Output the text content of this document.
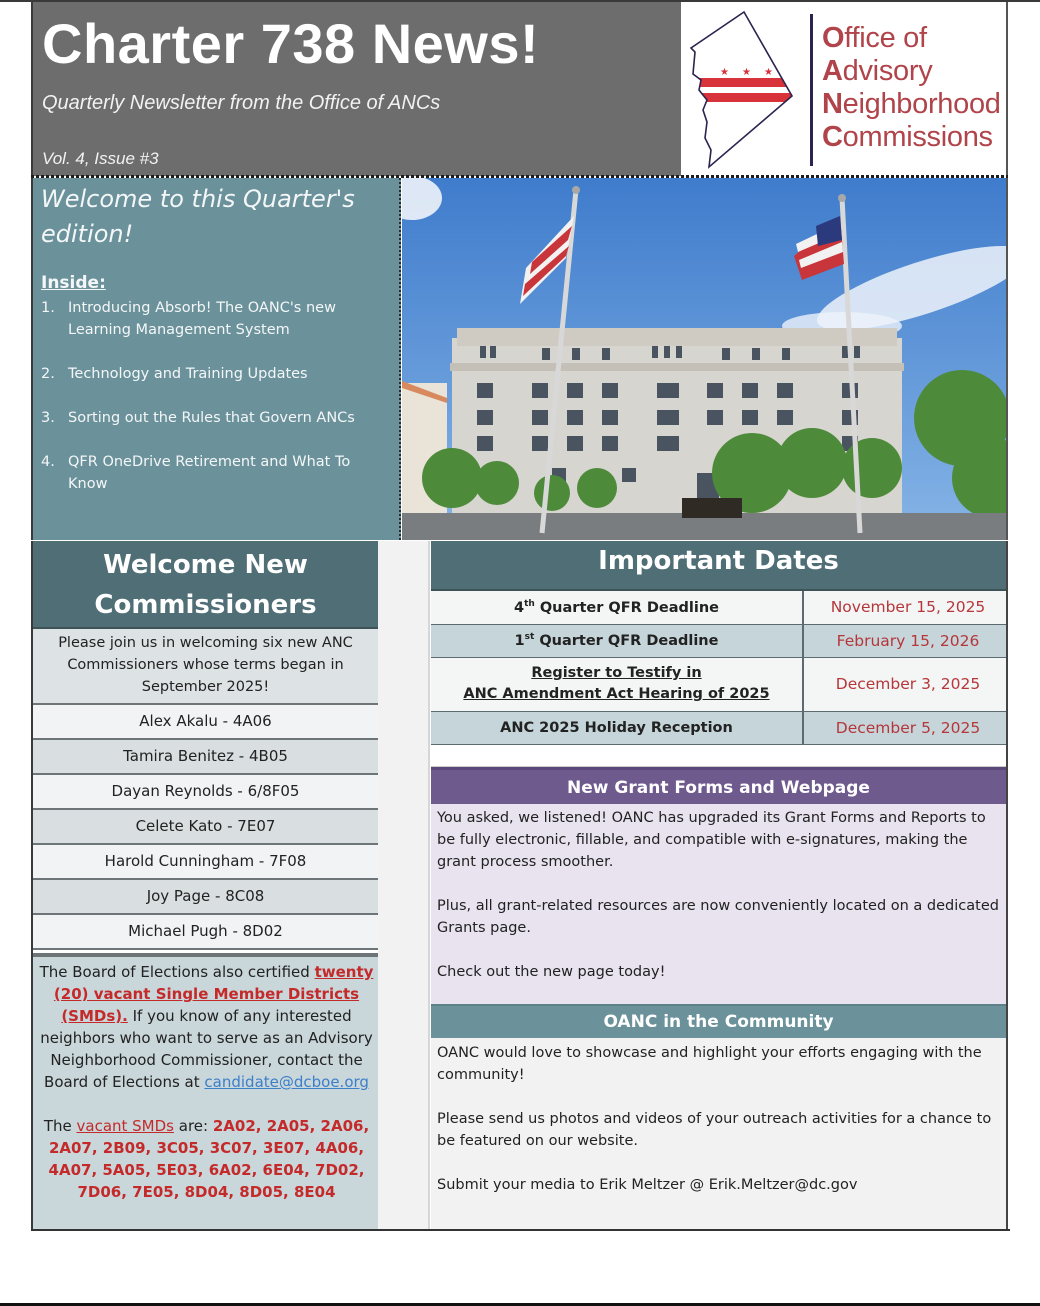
Charter 738 News!
Quarterly Newsletter from the Office of ANCs
Vol. 4, Issue #3
★ ★ ★
Office of
Advisory
Neighborhood
Commissions
Welcome to this Quarter's edition!
Inside:
1. Introducing Absorb! The OANC's new Learning Management System
2. Technology and Training Updates
3. Sorting out the Rules that Govern ANCs
4. QFR OneDrive Retirement and What To Know
Welcome New
Commissioners
Please join us in welcoming six new ANC Commissioners whose terms began in September 2025!
Alex Akalu - 4A06
Tamira Benitez - 4B05
Dayan Reynolds - 6/8F05
Celete Kato - 7E07
Harold Cunningham - 7F08
Joy Page - 8C08
Michael Pugh - 8D02
The Board of Elections also certified twenty (20) vacant Single Member Districts (SMDs). If you know of any interested neighbors who want to serve as an Advisory Neighborhood Commissioner, contact the Board of Elections at candidate@dcboe.org
The vacant SMDs are: 2A02, 2A05, 2A06, 2A07, 2B09, 3C05, 3C07, 3E07, 4A06, 4A07, 5A05, 5E03, 6A02, 6E04, 7D02, 7D06, 7E05, 8D04, 8D05, 8E04
Important Dates
4th Quarter QFR Deadline	November 15, 2025
1st Quarter QFR Deadline	February 15, 2026
Register to Testify in
ANC Amendment Act Hearing of 2025	December 3, 2025
ANC 2025 Holiday Reception	December 5, 2025
New Grant Forms and Webpage

You asked, we listened! OANC has upgraded its Grant Forms and Reports to be fully electronic, fillable, and compatible with e-signatures, making the grant process smoother.

Plus, all grant-related resources are now conveniently located on a dedicated Grants page.

Check out the new page today!

OANC in the Community

OANC would love to showcase and highlight your efforts engaging with the community!

Please send us photos and videos of your outreach activities for a chance to be featured on our website.

Submit your media to Erik Meltzer @ Erik.Meltzer@dc.gov
